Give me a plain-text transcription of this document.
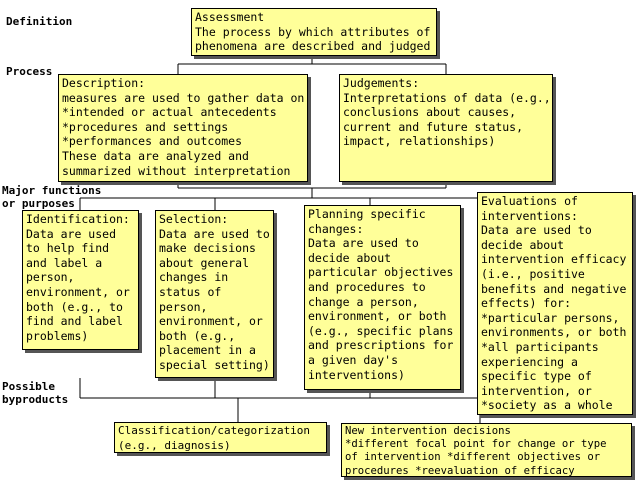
Definition
Process
Major functions
or purposes
Possible
byproducts
Assessment
The process by which attributes of
phenomena are described and judged
Description:
measures are used to gather data on
*intended or actual antecedents
*procedures and settings
*performances and outcomes
These data are analyzed and
summarized without interpretation
Judgements:
Interpretations of data (e.g.,
conclusions about causes,
current and future status,
impact, relationships)
Identification:
Data are used
to help find
and label a
person,
environment, or
both (e.g., to
find and label
problems)
Selection:
Data are used to
make decisions
about general
changes in
status of
person,
environment, or
both (e.g.,
placement in a
special setting)
Planning specific
changes:
Data are used to
decide about
particular objectives
and procedures to
change a person,
environment, or both
(e.g., specific plans
and prescriptions for
a given day's
interventions)
Evaluations of
interventions:
Data are used to
decide about
intervention efficacy
(i.e., positive
benefits and negative
effects) for:
*particular persons,
environments, or both
*all participants
experiencing a
specific type of
intervention, or
*society as a whole
Classification/categorization
(e.g., diagnosis)
New intervention decisions
*different focal point for change or type
of intervention *different objectives or
procedures *reevaluation of efficacy
